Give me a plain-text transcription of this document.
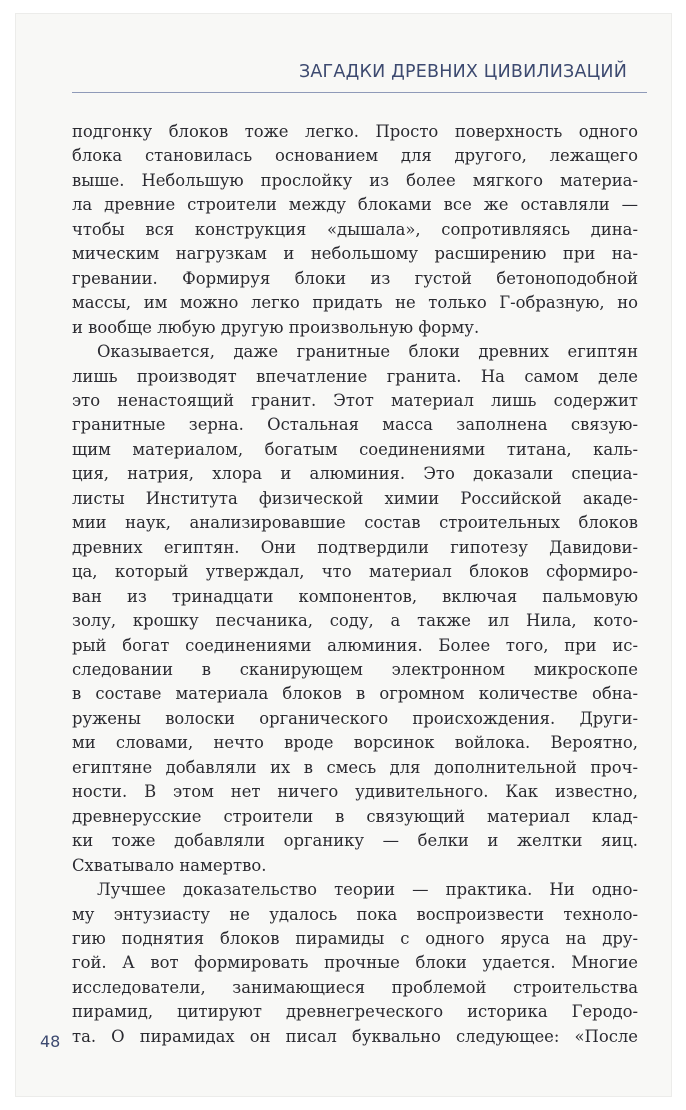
ЗАГАДКИ ДРЕВНИХ ЦИВИЛИЗАЦИЙ
подгонку блоков тоже легко. Просто поверхность одного
блока становилась основанием для другого, лежащего
выше. Небольшую прослойку из более мягкого материа-
ла древние строители между блоками все же оставляли —
чтобы вся конструкция «дышала», сопротивляясь дина-
мическим нагрузкам и небольшому расширению при на-
гревании. Формируя блоки из густой бетоноподобной
массы, им можно легко придать не только Г-образную, но
и вообще любую другую произвольную форму.
Оказывается, даже гранитные блоки древних египтян
лишь производят впечатление гранита. На самом деле
это ненастоящий гранит. Этот материал лишь содержит
гранитные зерна. Остальная масса заполнена связую-
щим материалом, богатым соединениями титана, каль-
ция, натрия, хлора и алюминия. Это доказали специа-
листы Института физической химии Российской акаде-
мии наук, анализировавшие состав строительных блоков
древних египтян. Они подтвердили гипотезу Давидови-
ца, который утверждал, что материал блоков сформиро-
ван из тринадцати компонентов, включая пальмовую
золу, крошку песчаника, соду, а также ил Нила, кото-
рый богат соединениями алюминия. Более того, при ис-
следовании в сканирующем электронном микроскопе
в составе материала блоков в огромном количестве обна-
ружены волоски органического происхождения. Други-
ми словами, нечто вроде ворсинок войлока. Вероятно,
египтяне добавляли их в смесь для дополнительной проч-
ности. В этом нет ничего удивительного. Как известно,
древнерусские строители в связующий материал клад-
ки тоже добавляли органику — белки и желтки яиц.
Схватывало намертво.
Лучшее доказательство теории — практика. Ни одно-
му энтузиасту не удалось пока воспроизвести техноло-
гию поднятия блоков пирамиды с одного яруса на дру-
гой. А вот формировать прочные блоки удается. Многие
исследователи, занимающиеся проблемой строительства
пирамид, цитируют древнегреческого историка Геродо-
та. О пирамидах он писал буквально следующее: «После
48
